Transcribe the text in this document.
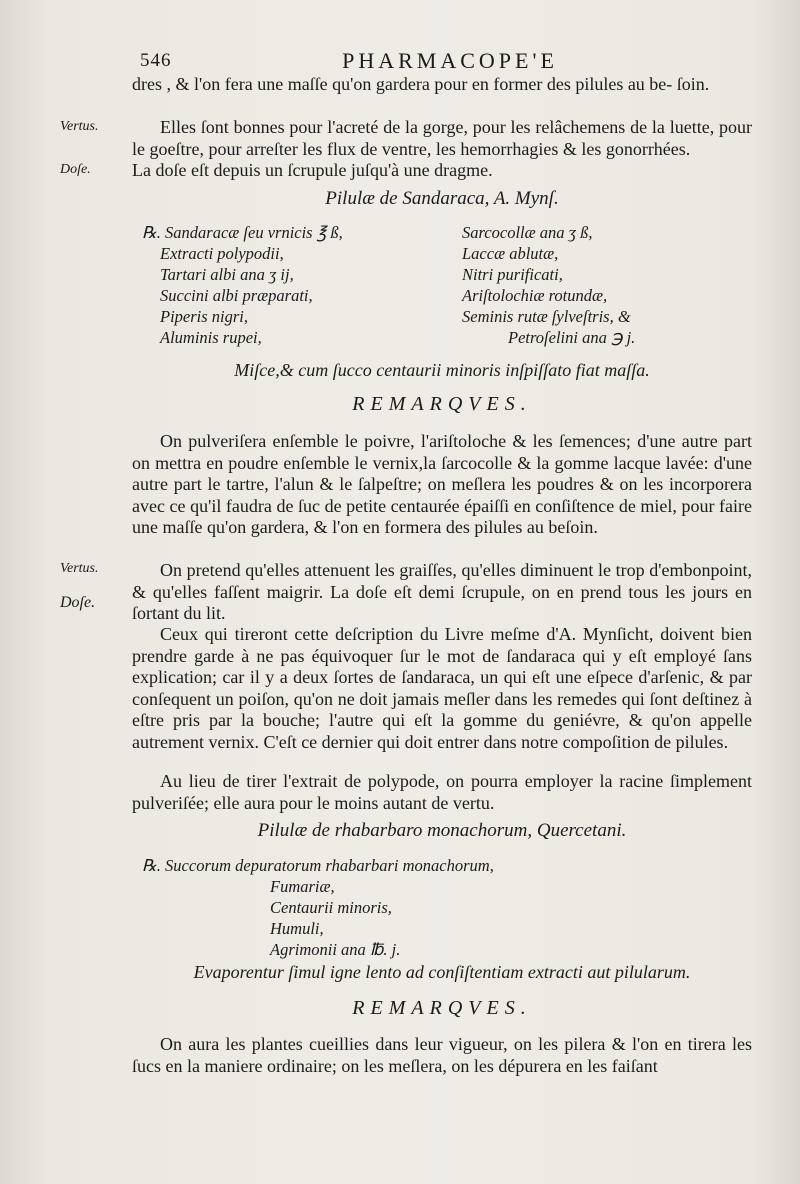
546	PHARMACOPE'E

dres , & l'on fera une maſſe qu'on gardera pour en former des pilules au be- ſoin.

Vertus.	Elles ſont bonnes pour l'acreté de la gorge, pour les relâchemens de la luette, pour le goeſtre, pour arreſter les flux de ventre, les hemorrhagies & les gonorrhées.

Doſe. La doſe eſt depuis un ſcrupule juſqu'à une dragme.

Pilulæ de Sandaraca, A. Mynſ.
℞. Sandaracæ ſeu vrnicis ℥ ß,
Extracti polypodii,
Tartari albi ana ʒ ij,
Succini albi præparati,
Piperis nigri,
Aluminis rupei,
Sarcocollæ ana ʒ ß,
Laccæ ablutæ,
Nitri purificati,
Ariſtolochiæ rotundæ,
Seminis rutæ ſylveſtris, &
Petroſelini ana ℈ j.
Miſce,& cum ſucco centaurii minoris inſpiſſato fiat maſſa.
REMARQVES.

On pulveriſera enſemble le poivre, l'ariſtoloche & les ſemences; d'une autre part on mettra en poudre enſemble le vernix,la ſarcocolle & la gomme lacque lavée: d'une autre part le tartre, l'alun & le ſalpeſtre; on meſlera les poudres & on les incorporera avec ce qu'il faudra de ſuc de petite centaurée épaiſſi en conſiſtence de miel, pour faire une maſſe qu'on gardera, & l'on en formera des pilules au beſoin.

Vertus.
Doſe.

On pretend qu'elles attenuent les graiſſes, qu'elles diminuent le trop d'embonpoint, & qu'elles faſſent maigrir. La doſe eſt demi ſcrupule, on en prend tous les jours en ſortant du lit.

Ceux qui tireront cette deſcription du Livre meſme d'A. Mynſicht, doivent bien prendre garde à ne pas équivoquer ſur le mot de ſandaraca qui y eſt employé ſans explication; car il y a deux ſortes de ſandaraca, un qui eſt une eſpece d'arſenic, & par conſequent un poiſon, qu'on ne doit jamais meſler dans les remedes qui ſont deſtinez à eſtre pris par la bouche; l'autre qui eſt la gomme du geniévre, & qu'on appelle autrement vernix. C'eſt ce dernier qui doit entrer dans notre compoſition de pilules.

Au lieu de tirer l'extrait de polypode, on pourra employer la racine ſimplement pulveriſée; elle aura pour le moins autant de vertu.

Pilulæ de rhabarbaro monachorum, Quercetani.
℞. Succorum depuratorum rhabarbari monachorum,
Fumariæ,
Centaurii minoris,
Humuli,
Agrimonii ana ℔. j.
Evaporentur ſimul igne lento ad conſiſtentiam extracti aut pilularum.
REMARQVES.

On aura les plantes cueillies dans leur vigueur, on les pilera & l'on en tirera les ſucs en la maniere ordinaire; on les meſlera, on les dépurera en les faiſant
